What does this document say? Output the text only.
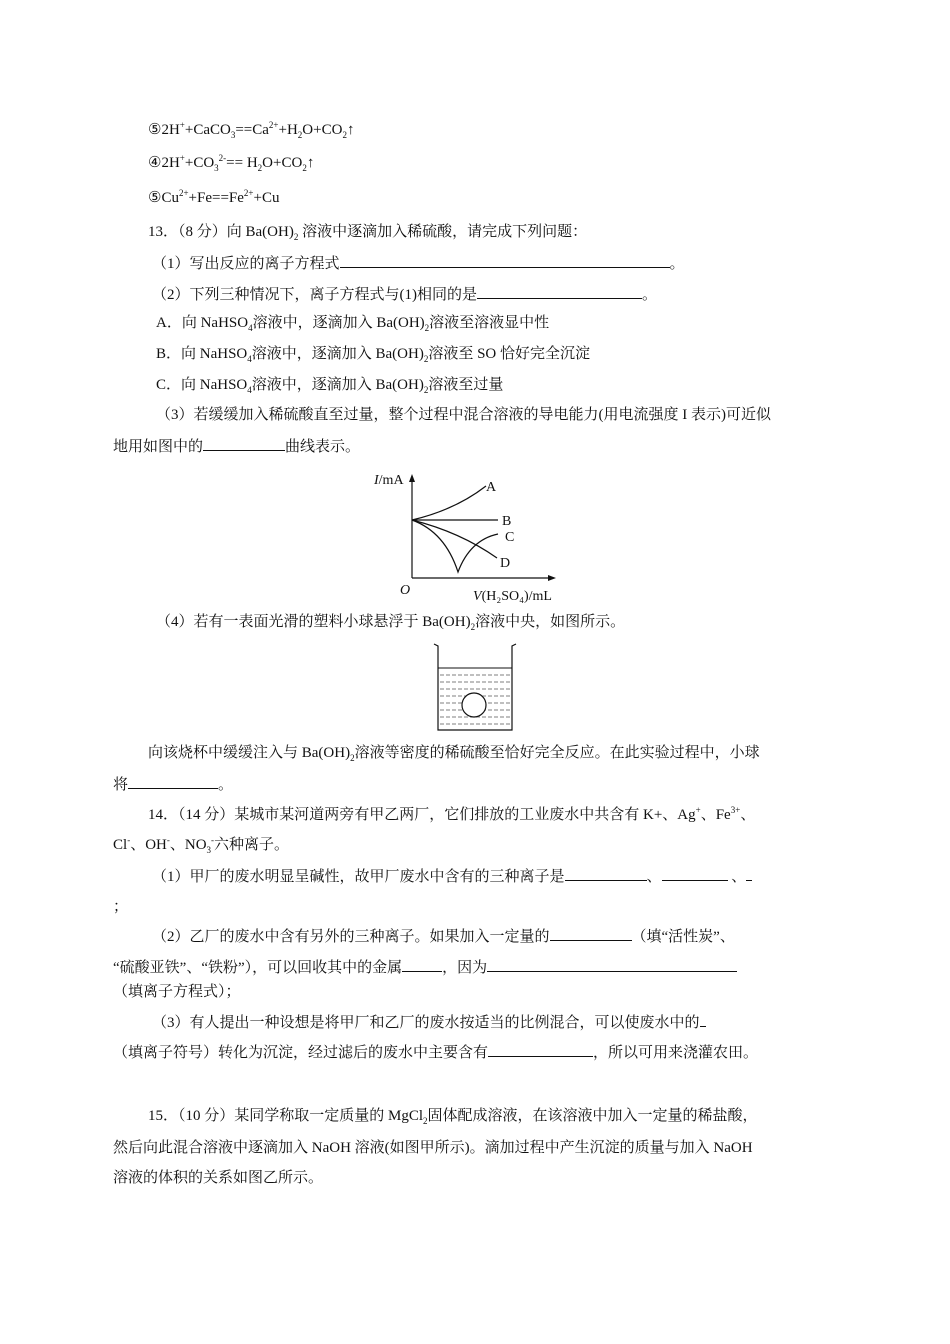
$⑤2H^++CaCO_3==Ca^{2+}+H_2O+CO_2↑$
$④2H^++CO_3^{2-}==$ $H_2O+CO_2↑$
$⑤Cu^{2+}+Fe==Fe^{2+}+Cu$
13．（8 分）向 $Ba(OH)_2$ 溶液中逐滴加入稀硫酸，请完成下列问题：
（1）写出反应的离子方程式	。
（2）下列三种情况下，离子方程式与(1)相同的是	。
A．向 NaHSO$_4$溶液中，逐滴加入 $Ba(OH)_2$溶液至溶液显中性
B．向 NaHSO$_4$溶液中，逐滴加入 $Ba(OH)_2$溶液至 SO 恰好完全沉淀
C．向 NaHSO$_4$溶液中，逐滴加入 $Ba(OH)_2$溶液至过量
（3）若缓缓加入稀硫酸直至过量，整个过程中混合溶液的导电能力(用电流强度 I 表示)可近似
地用如图中的	曲线表示。
（4）若有一表面光滑的塑料小球悬浮于 $Ba(OH)_2$溶液中央，如图所示。
向该烧杯中缓缓注入与 $Ba(OH)_2$溶液等密度的稀硫酸至恰好完全反应。在此实验过程中，小球
将	。
14．（14 分）某城市某河道两旁有甲乙两厂，它们排放的工业废水中共含有 K+、Ag+、$Fe^{3+}$、
Cl-、OH-、$NO_3^-$六种离子。
（1）甲厂的废水明显呈碱性，故甲厂废水中含有的三种离子是	、	、
；
（2）乙厂的废水中含有另外的三种离子。如果加入一定量的	（填“活性炭”、
“硫酸亚铁”、“铁粉”），可以回收其中的金属	，因为
（填离子方程式）；
（3）有人提出一种设想是将甲厂和乙厂的废水按适当的比例混合，可以使废水中的
（填离子符号）转化为沉淀，经过滤后的废水中主要含有	，所以可用来浇灌农田。
15．（10 分）某同学称取一定质量的 MgCl$_2$固体配成溶液，在该溶液中加入一定量的稀盐酸，
然后向此混合溶液中逐滴加入 NaOH 溶液(如图甲所示)。滴加过程中产生沉淀的质量与加入 NaOH
溶液的体积的关系如图乙所示。
I/mA
O	V(H₂SO₄)/mL
A
B
C
D
